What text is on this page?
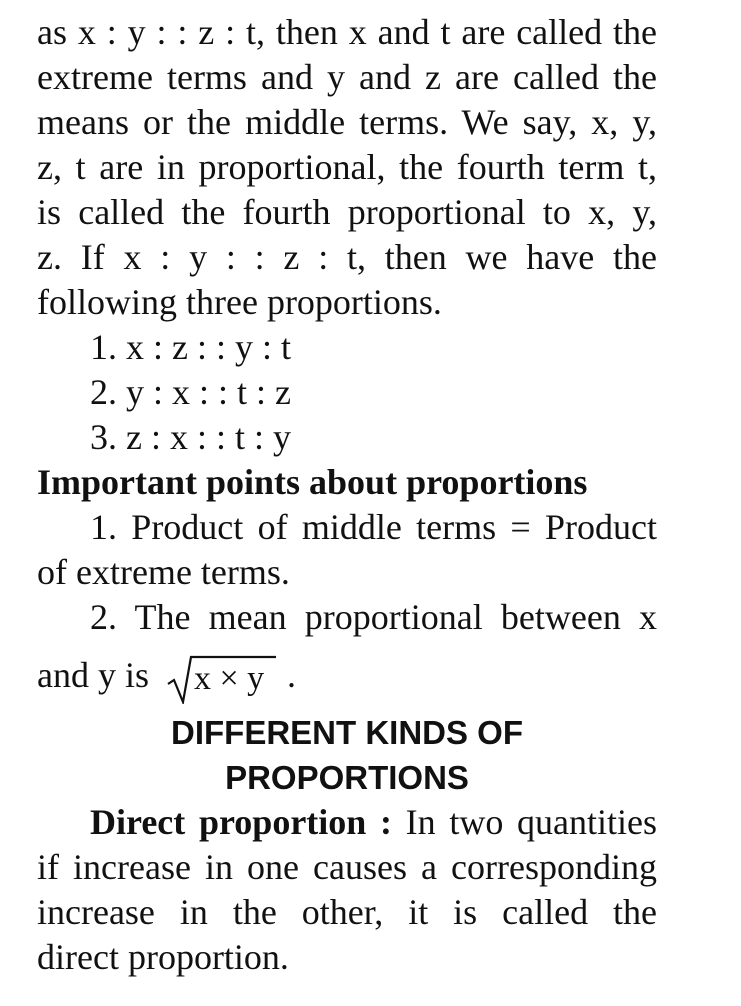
as x : y : : z : t, then x and t are called the
extreme terms and y and z are called the
means or the middle terms. We say, x, y,
z, t are in proportional, the fourth term t,
is called the fourth proportional to x, y,
z. If x : y : : z : t, then we have the
following three proportions.
1. x : z : : y : t
2. y : x : : t : z
3. z : x : : t : y
Important points about proportions
1. Product of middle terms = Product
of extreme terms.
2. The mean proportional between x
and y is x × y .
DIFFERENT KINDS OF
PROPORTIONS
Direct proportion : In two quantities
if increase in one causes a corresponding
increase in the other, it is called the
direct proportion.
